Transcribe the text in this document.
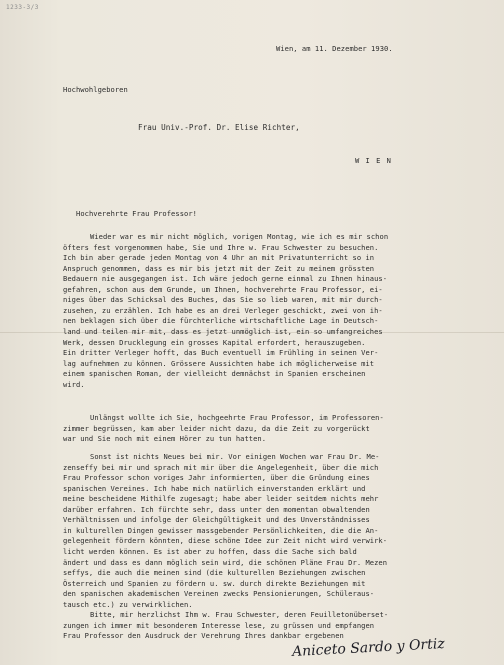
1233-3/3
Wien, am 11. Dezember 1930.
Hochwohlgeboren
Frau Univ.-Prof. Dr. Elise Richter,
W I E N
Hochverehrte Frau Professor!
Wieder war es mir nicht möglich, vorigen Montag, wie ich es mir schon
öfters fest vorgenommen habe, Sie und Ihre w. Frau Schwester zu besuchen.
Ich bin aber gerade jeden Montag von 4 Uhr an mit Privatunterricht so in
Anspruch genommen, dass es mir bis jetzt mit der Zeit zu meinem grössten
Bedauern nie ausgegangen ist. Ich wäre jedoch gerne einmal zu Ihnen hinaus-
gefahren, schon aus dem Grunde, um Ihnen, hochverehrte Frau Professor, ei-
niges über das Schicksal des Buches, das Sie so lieb waren, mit mir durch-
zusehen, zu erzählen. Ich habe es an drei Verleger geschickt, zwei von ih-
nen beklagen sich über die fürchterliche wirtschaftliche Lage in Deutsch-
land und teilen mir mit, dass es jetzt unmöglich ist, ein so umfangreiches
Werk, dessen Drucklegung ein grosses Kapital erfordert, herauszugeben.
Ein dritter Verleger hofft, das Buch eventuell im Frühling in seinen Ver-
lag aufnehmen zu können. Grössere Aussichten habe ich möglicherweise mit
einem spanischen Roman, der vielleicht demnächst in Spanien erscheinen
wird.
Unlängst wollte ich Sie, hochgeehrte Frau Professor, im Professoren-
zimmer begrüssen, kam aber leider nicht dazu, da die Zeit zu vorgerückt
war und Sie noch mit einem Hörer zu tun hatten.
Sonst ist nichts Neues bei mir. Vor einigen Wochen war Frau Dr. Me-
zenseffy bei mir und sprach mit mir über die Angelegenheit, über die mich
Frau Professor schon voriges Jahr informierten, über die Gründung eines
spanischen Vereines. Ich habe mich natürlich einverstanden erklärt und
meine bescheidene Mithilfe zugesagt; habe aber leider seitdem nichts mehr
darüber erfahren. Ich fürchte sehr, dass unter den momentan obwaltenden
Verhältnissen und infolge der Gleichgültigkeit und des Unverständnisses
in kulturellen Dingen gewisser massgebender Persönlichkeiten, die die An-
gelegenheit fördern könnten, diese schöne Idee zur Zeit nicht wird verwirk-
licht werden können. Es ist aber zu hoffen, dass die Sache sich bald
ändert und dass es dann möglich sein wird, die schönen Pläne Frau Dr. Mezen
seffys, die auch die meinen sind (die kulturellen Beziehungen zwischen
Österreich und Spanien zu fördern u. sw. durch direkte Beziehungen mit
den spanischen akademischen Vereinen zwecks Pensionierungen, Schüleraus-
tausch etc.) zu verwirklichen.
Bitte, mir herzlichst Ihm w. Frau Schwester, deren Feuilletonüberset-
zungen ich immer mit besonderem Interesse lese, zu grüssen und empfangen
Frau Professor den Ausdruck der Verehrung Ihres dankbar ergebenen
Aniceto Sardo y Ortiz
